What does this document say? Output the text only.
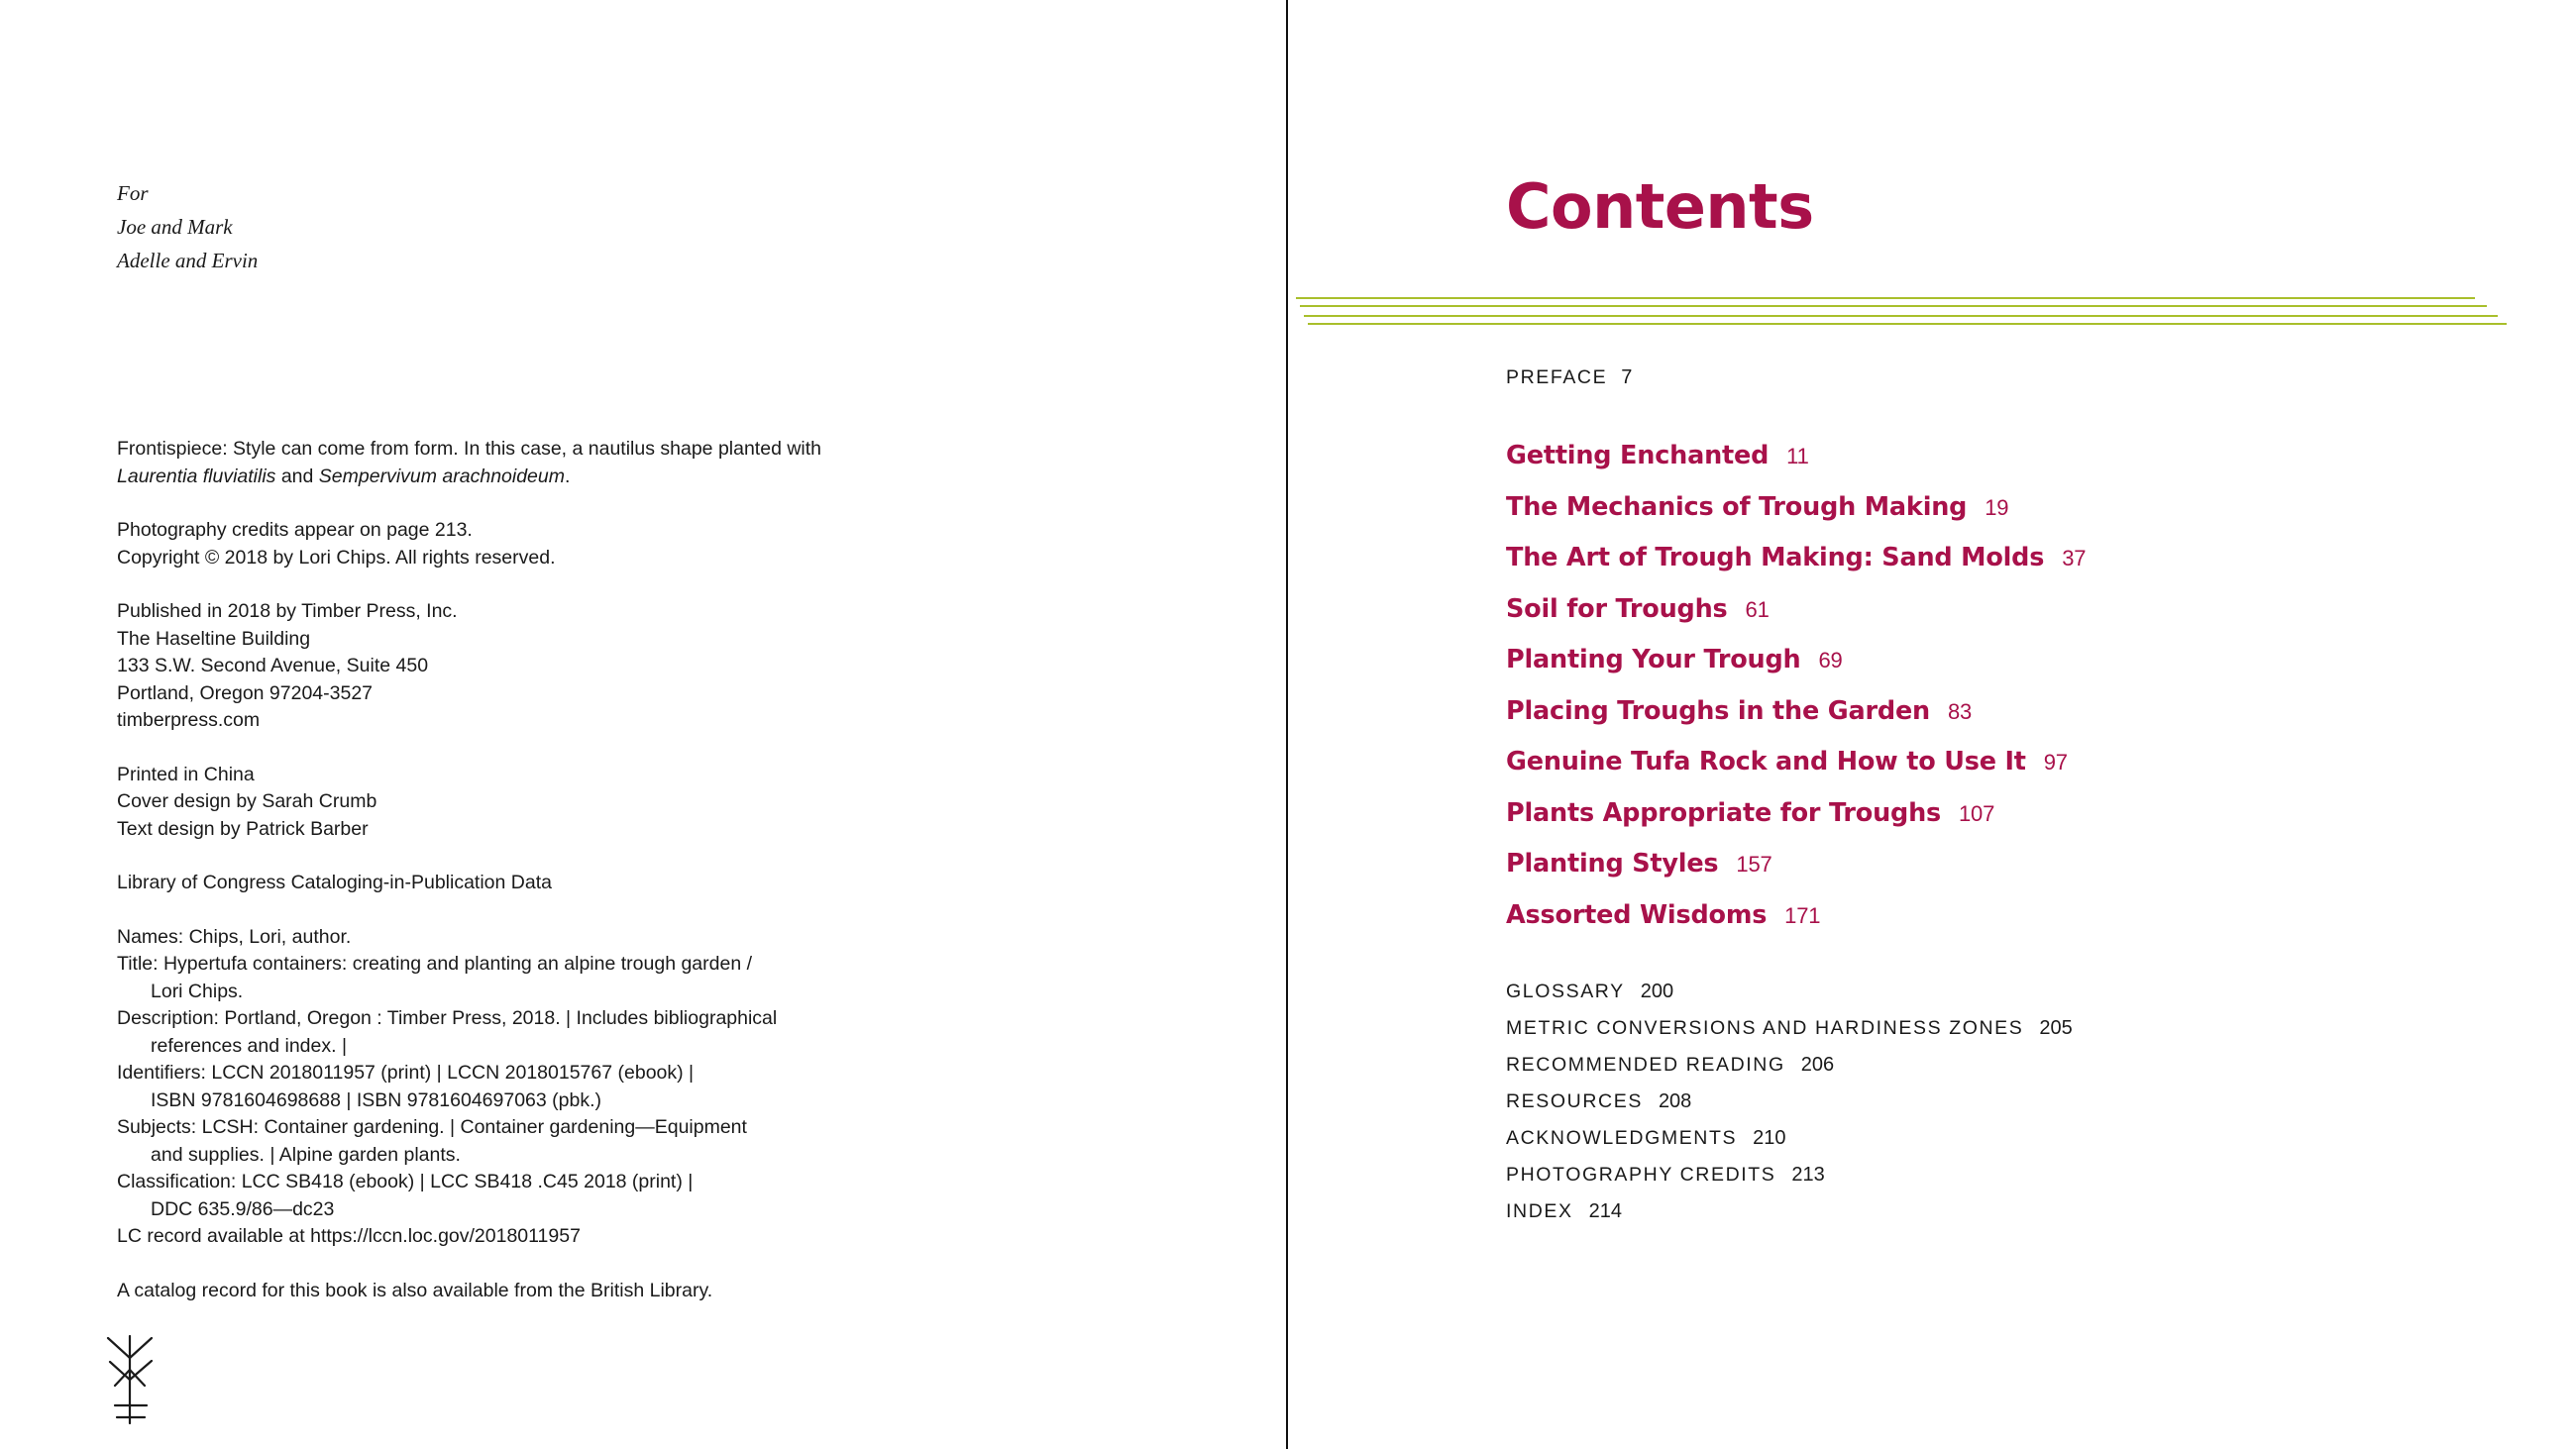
For
Joe and Mark
Adelle and Ervin

Frontispiece: Style can come from form. In this case, a nautilus shape planted with Laurentia fluviatilis and Sempervivum arachnoideum.

Photography credits appear on page 213.
Copyright © 2018 by Lori Chips. All rights reserved.

Published in 2018 by Timber Press, Inc.
The Haseltine Building
133 S.W. Second Avenue, Suite 450
Portland, Oregon 97204-3527
timberpress.com

Printed in China
Cover design by Sarah Crumb
Text design by Patrick Barber

Library of Congress Cataloging-in-Publication Data

Names: Chips, Lori, author.
Title: Hypertufa containers: creating and planting an alpine trough garden /

Lori Chips.
Description: Portland, Oregon : Timber Press, 2018. | Includes bibliographical

references and index. |
Identifiers: LCCN 2018011957 (print) | LCCN 2018015767 (ebook) |

ISBN 9781604698688 | ISBN 9781604697063 (pbk.)
Subjects: LCSH: Container gardening. | Container gardening—Equipment

and supplies. | Alpine garden plants.
Classification: LCC SB418 (ebook) | LCC SB418 .C45 2018 (print) |

DDC 635.9/86—dc23
LC record available at https://lccn.loc.gov/2018011957

A catalog record for this book is also available from the British Library.

Contents
PREFACE 7
Getting Enchanted 11
The Mechanics of Trough Making 19
The Art of Trough Making: Sand Molds 37
Soil for Troughs 61
Planting Your Trough 69
Placing Troughs in the Garden 83
Genuine Tufa Rock and How to Use It 97
Plants Appropriate for Troughs 107
Planting Styles 157
Assorted Wisdoms 171
GLOSSARY 200
METRIC CONVERSIONS AND HARDINESS ZONES 205
RECOMMENDED READING 206
RESOURCES 208
ACKNOWLEDGMENTS 210
PHOTOGRAPHY CREDITS 213
INDEX 214
